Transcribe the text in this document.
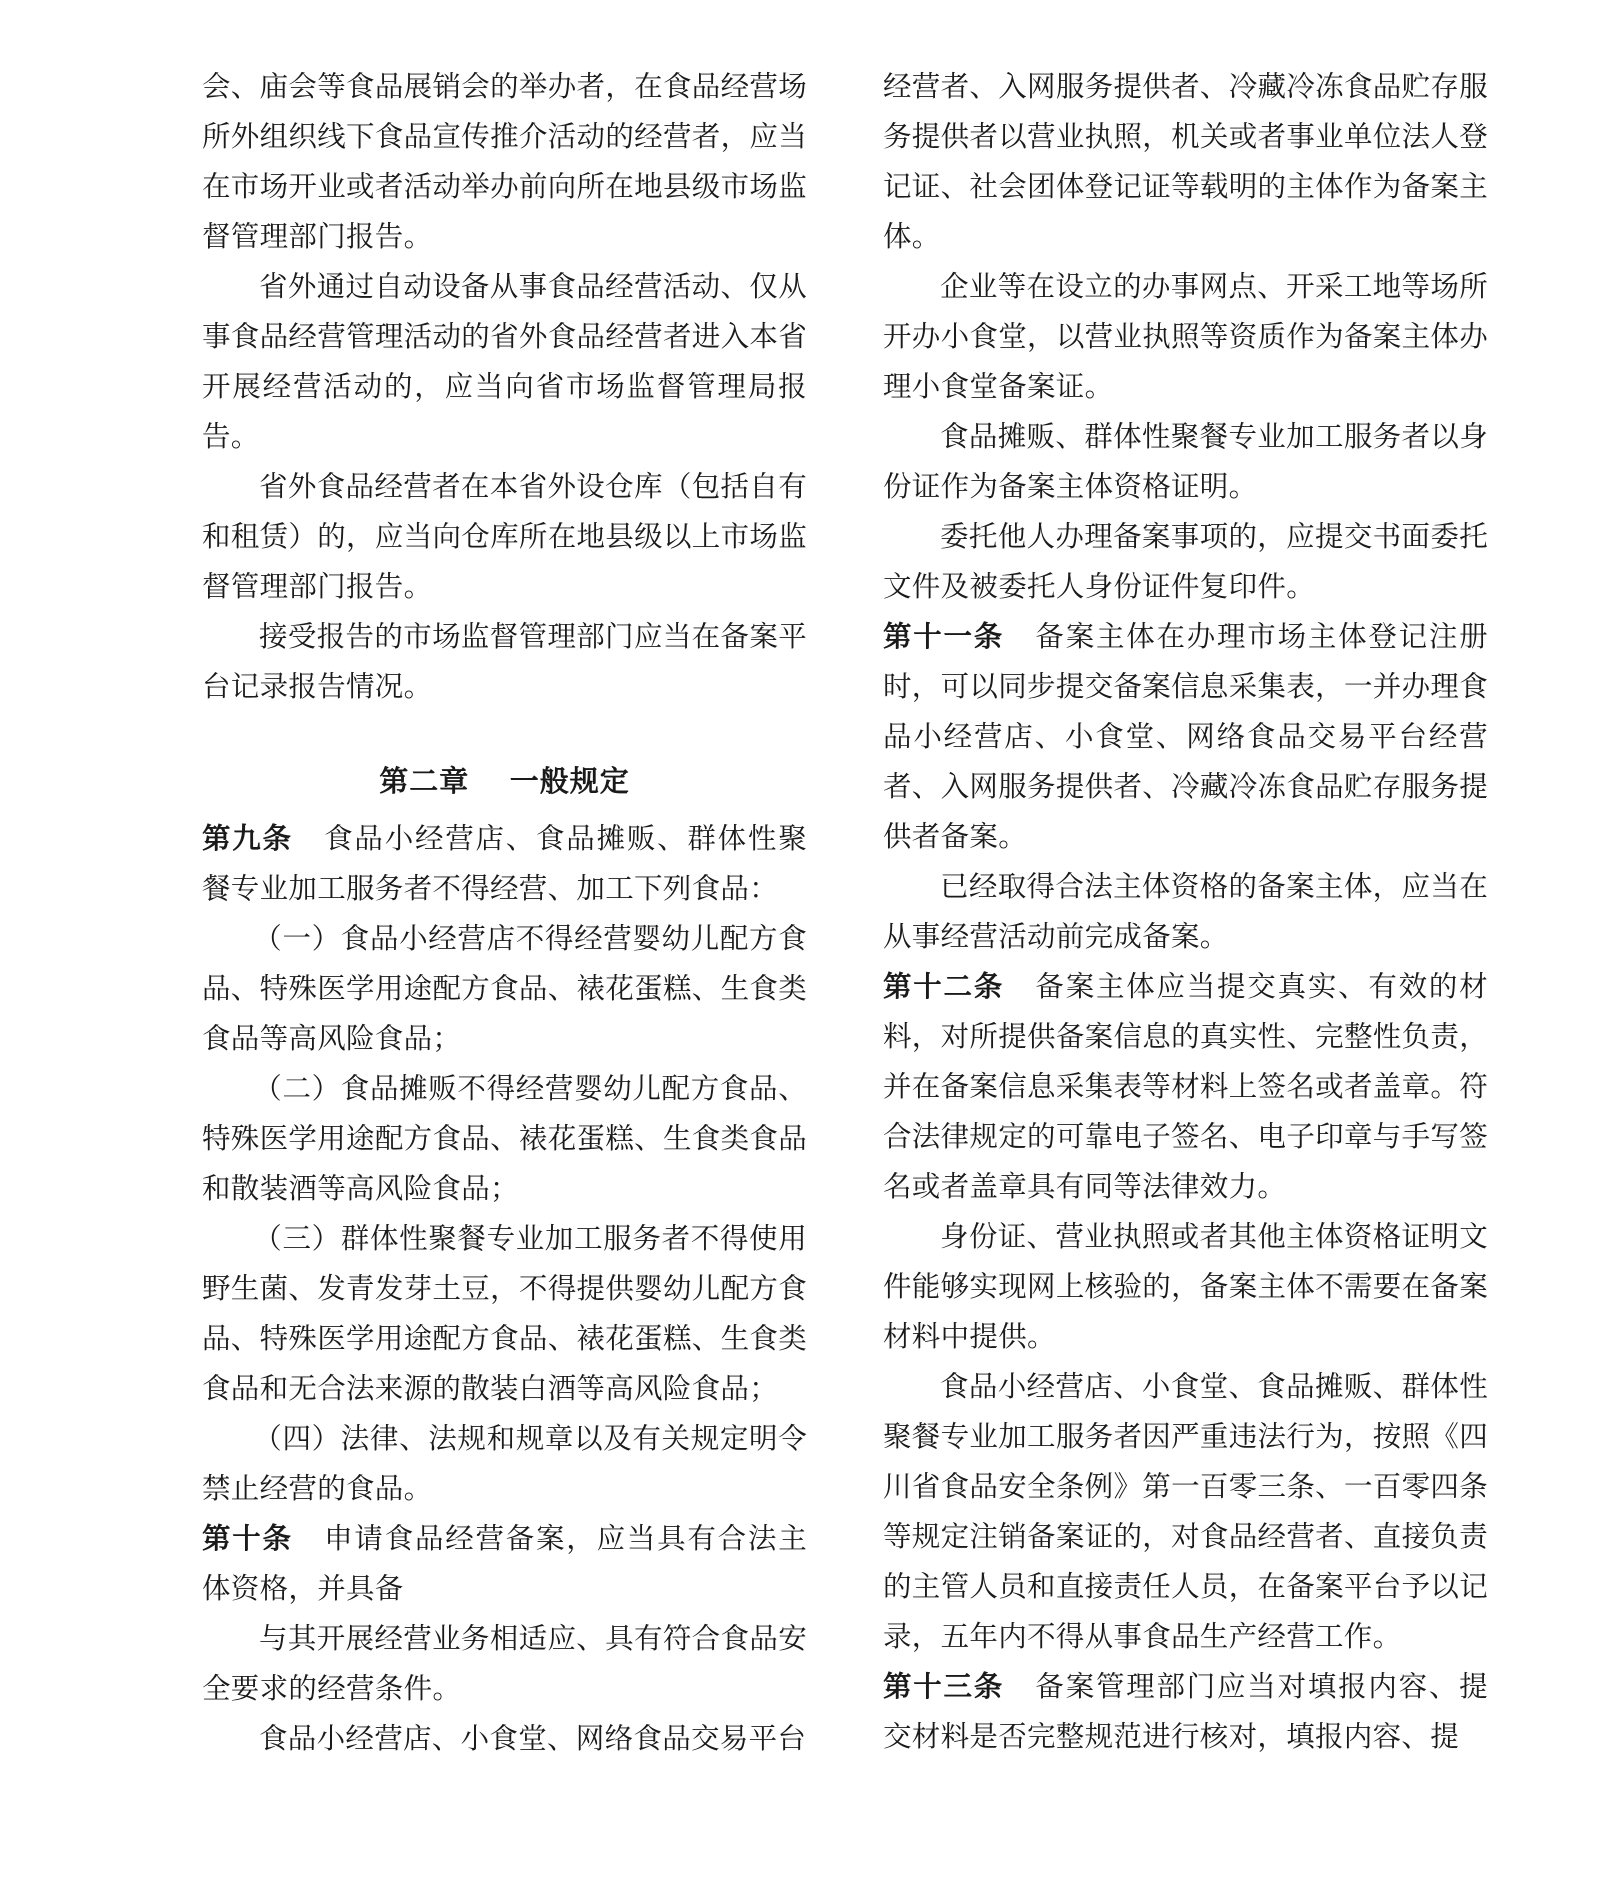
会、庙会等食品展销会的举办者，在食品经营场所外组织线下食品宣传推介活动的经营者，应当在市场开业或者活动举办前向所在地县级市场监督管理部门报告。

省外通过自动设备从事食品经营活动、仅从事食品经营管理活动的省外食品经营者进入本省开展经营活动的，应当向省市场监督管理局报告。

省外食品经营者在本省外设仓库（包括自有和租赁）的，应当向仓库所在地县级以上市场监督管理部门报告。

接受报告的市场监督管理部门应当在备案平台记录报告情况。

第二章 一般规定

第九条 食品小经营店、食品摊贩、群体性聚餐专业加工服务者不得经营、加工下列食品：

（一）食品小经营店不得经营婴幼儿配方食品、特殊医学用途配方食品、裱花蛋糕、生食类食品等高风险食品；

（二）食品摊贩不得经营婴幼儿配方食品、特殊医学用途配方食品、裱花蛋糕、生食类食品和散装酒等高风险食品；

（三）群体性聚餐专业加工服务者不得使用野生菌、发青发芽土豆，不得提供婴幼儿配方食品、特殊医学用途配方食品、裱花蛋糕、生食类食品和无合法来源的散装白酒等高风险食品；

（四）法律、法规和规章以及有关规定明令禁止经营的食品。

第十条 申请食品经营备案，应当具有合法主体资格，并具备

与其开展经营业务相适应、具有符合食品安全要求的经营条件。

食品小经营店、小食堂、网络食品交易平台

经营者、入网服务提供者、冷藏冷冻食品贮存服务提供者以营业执照，机关或者事业单位法人登记证、社会团体登记证等载明的主体作为备案主体。

企业等在设立的办事网点、开采工地等场所开办小食堂，以营业执照等资质作为备案主体办理小食堂备案证。

食品摊贩、群体性聚餐专业加工服务者以身份证作为备案主体资格证明。

委托他人办理备案事项的，应提交书面委托文件及被委托人身份证件复印件。

第十一条 备案主体在办理市场主体登记注册时，可以同步提交备案信息采集表，一并办理食品小经营店、小食堂、网络食品交易平台经营者、入网服务提供者、冷藏冷冻食品贮存服务提供者备案。

已经取得合法主体资格的备案主体，应当在从事经营活动前完成备案。

第十二条 备案主体应当提交真实、有效的材料，对所提供备案信息的真实性、完整性负责，并在备案信息采集表等材料上签名或者盖章。符合法律规定的可靠电子签名、电子印章与手写签名或者盖章具有同等法律效力。

身份证、营业执照或者其他主体资格证明文件能够实现网上核验的，备案主体不需要在备案材料中提供。

食品小经营店、小食堂、食品摊贩、群体性聚餐专业加工服务者因严重违法行为，按照《四川省食品安全条例》第一百零三条、一百零四条等规定注销备案证的，对食品经营者、直接负责的主管人员和直接责任人员，在备案平台予以记录，五年内不得从事食品生产经营工作。

第十三条 备案管理部门应当对填报内容、提交材料是否完整规范进行核对，填报内容、提
